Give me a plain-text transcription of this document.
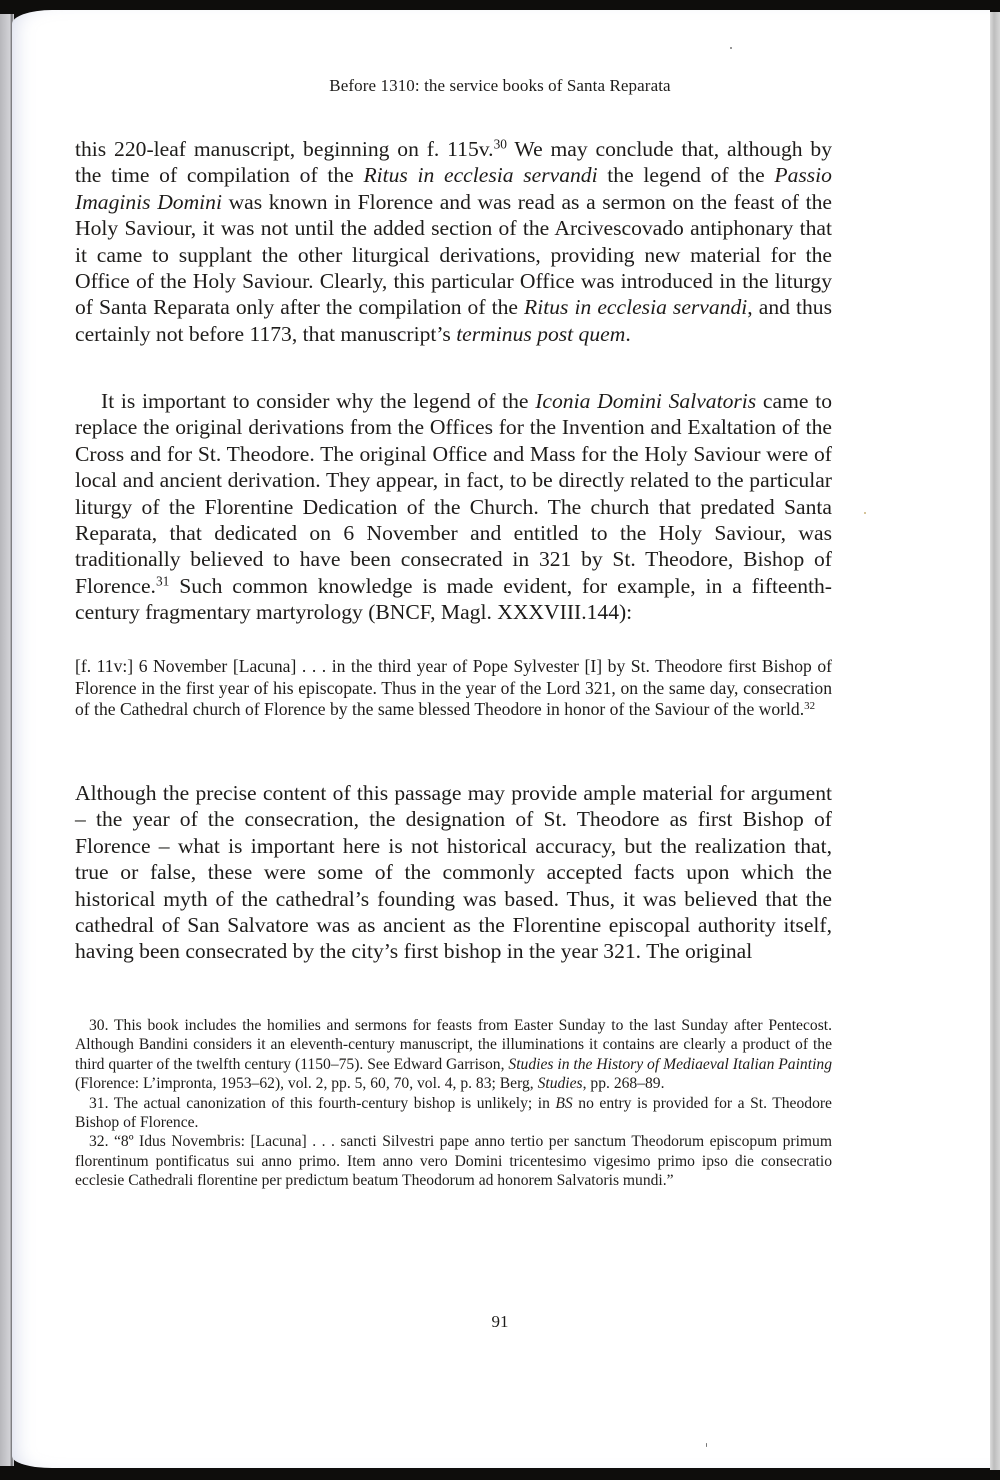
Before 1310: the service books of Santa Reparata

this 220-leaf manuscript, beginning on f. 115v.$^{30}$ We may conclude that, although by the time of compilation of the Ritus in ecclesia servandi the legend of the Passio Imaginis Domini was known in Florence and was read as a sermon on the feast of the Holy Saviour, it was not until the added section of the Arcivescovado antiphonary that it came to supplant the other liturgical derivations, providing new material for the Office of the Holy Saviour. Clearly, this particular Office was introduced in the liturgy of Santa Reparata only after the compilation of the Ritus in ecclesia servandi, and thus certainly not before 1173, that manuscript’s terminus post quem.

It is important to consider why the legend of the Iconia Domini Salvatoris came to replace the original derivations from the Offices for the Invention and Exaltation of the Cross and for St. Theodore. The original Office and Mass for the Holy Saviour were of local and ancient derivation. They appear, in fact, to be directly related to the particular liturgy of the Florentine Dedication of the Church. The church that predated Santa Reparata, that dedicated on 6 November and entitled to the Holy Saviour, was traditionally believed to have been consecrated in 321 by St. Theodore, Bishop of Florence.$^{31}$ Such common knowledge is made evident, for example, in a fifteenth-century fragmentary martyrology (BNCF, Magl. XXXVIII.144):

[f. 11v:] 6 November [Lacuna] . . . in the third year of Pope Sylvester [I] by St. Theodore first Bishop of Florence in the first year of his episcopate. Thus in the year of the Lord 321, on the same day, consecration of the Cathedral church of Florence by the same blessed Theodore in honor of the Saviour of the world.$^{32}$

Although the precise content of this passage may provide ample material for argument – the year of the consecration, the designation of St. Theodore as first Bishop of Florence – what is important here is not historical accuracy, but the realization that, true or false, these were some of the commonly accepted facts upon which the historical myth of the cathedral’s founding was based. Thus, it was believed that the cathedral of San Salvatore was as ancient as the Florentine episcopal authority itself, having been consecrated by the city’s first bishop in the year 321. The original

30. This book includes the homilies and sermons for feasts from Easter Sunday to the last Sunday after Pentecost. Although Bandini considers it an eleventh-century manuscript, the illuminations it contains are clearly a product of the third quarter of the twelfth century (1150–75). See Edward Garrison, Studies in the History of Mediaeval Italian Painting (Florence: L’impronta, 1953–62), vol. 2, pp. 5, 60, 70, vol. 4, p. 83; Berg, Studies, pp. 268–89.

31. The actual canonization of this fourth-century bishop is unlikely; in BS no entry is provided for a St. Theodore Bishop of Florence.

32. “8º Idus Novembris: [Lacuna] . . . sancti Silvestri pape anno tertio per sanctum Theodorum episcopum primum florentinum pontificatus sui anno primo. Item anno vero Domini tricentesimo vigesimo primo ipso die consecratio ecclesie Cathedrali florentine per predictum beatum Theodorum ad honorem Salvatoris mundi.”

91
